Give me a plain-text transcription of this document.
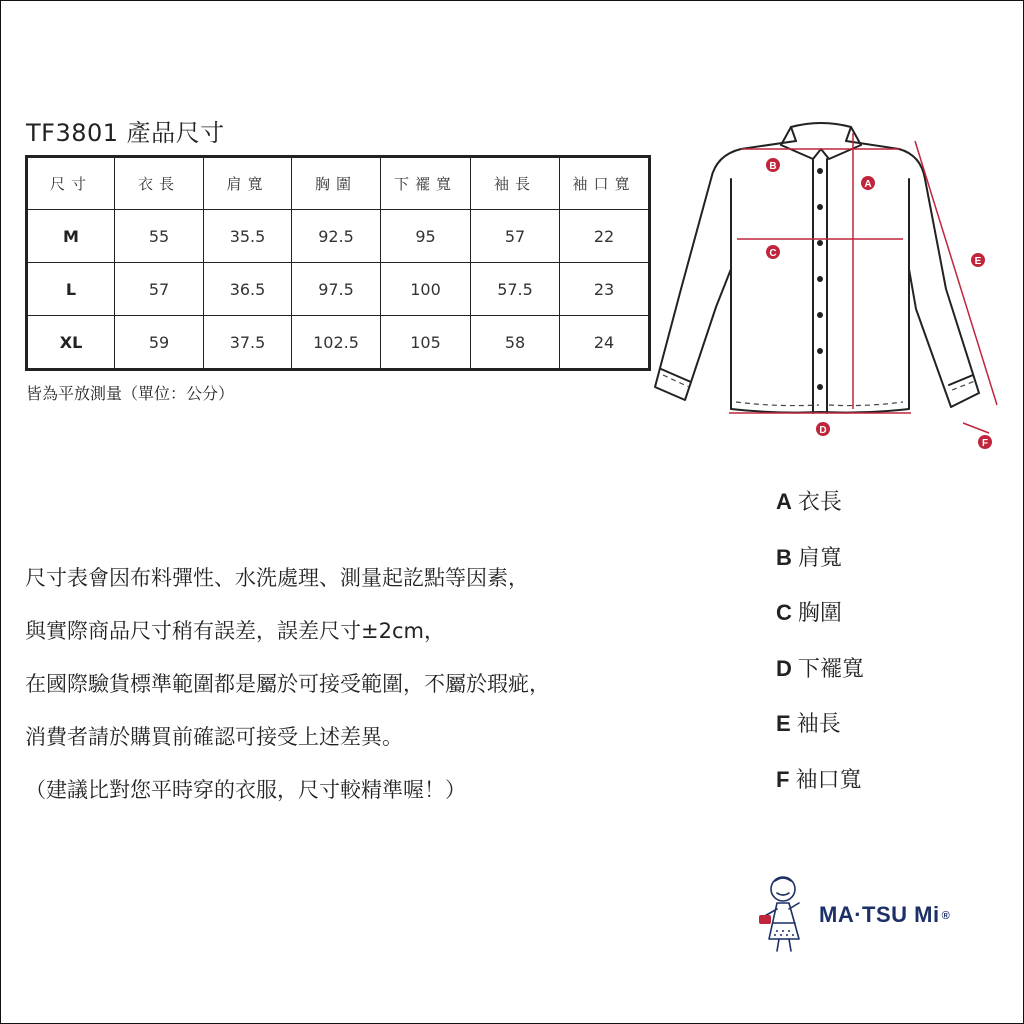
TF3801 產品尺寸
尺寸	衣長	肩寬	胸圍	下襬寬	袖長	袖口寬
M	55	35.5	92.5	95	57	22
L	57	36.5	97.5	100	57.5	23
XL	59	37.5	102.5	105	58	24
皆為平放測量（單位：公分）
B
A
C
E
D
F
A 衣長
B 肩寬
C 胸圍
D 下襬寬
E 袖長
F 袖口寬
尺寸表會因布料彈性、水洗處理、測量起訖點等因素，
與實際商品尺寸稍有誤差，誤差尺寸±2cm，
在國際驗貨標準範圍都是屬於可接受範圍，不屬於瑕疵，
消費者請於購買前確認可接受上述差異。
（建議比對您平時穿的衣服，尺寸較精準喔！）
MA·TSU Mi ®
